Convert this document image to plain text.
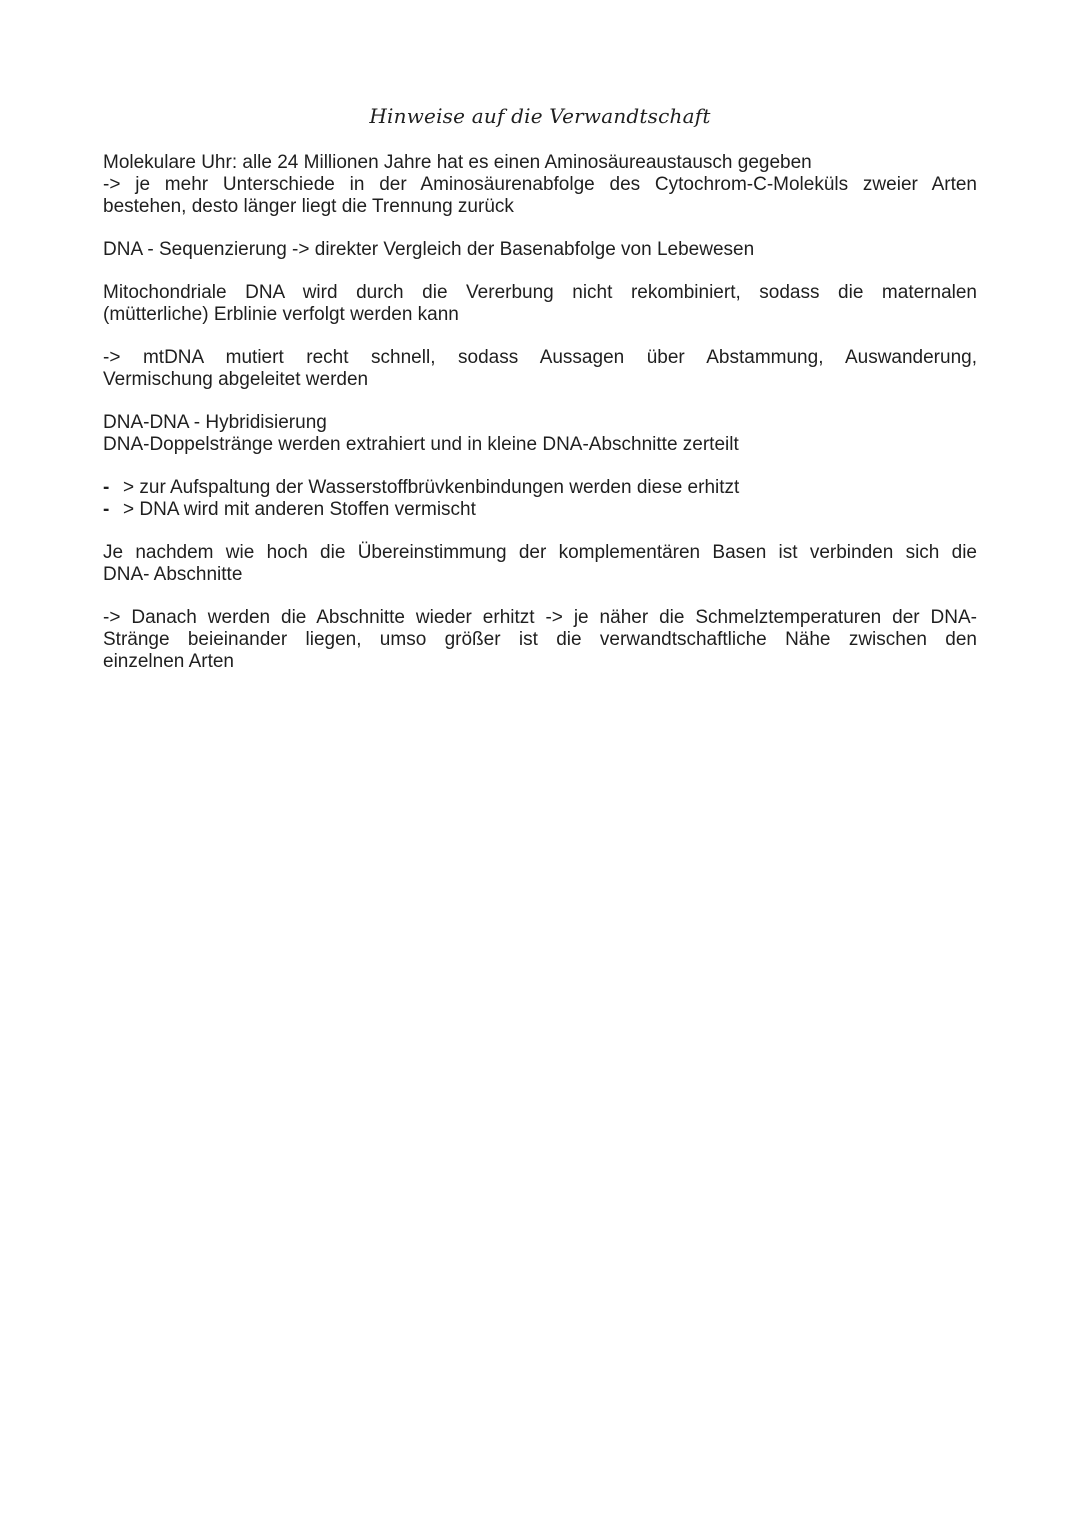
Hinweise auf die Verwandtschaft
Molekulare Uhr: alle 24 Millionen Jahre hat es einen Aminosäureaustausch gegeben
-> je mehr Unterschiede in der Aminosäurenabfolge des Cytochrom-C-Moleküls zweier Arten
bestehen, desto länger liegt die Trennung zurück
DNA - Sequenzierung -> direkter Vergleich der Basenabfolge von Lebewesen
Mitochondriale DNA wird durch die Vererbung nicht rekombiniert, sodass die maternalen
(mütterliche) Erblinie verfolgt werden kann
-> mtDNA mutiert recht schnell, sodass Aussagen über Abstammung, Auswanderung,
Vermischung abgeleitet werden
DNA-DNA - Hybridisierung
DNA-Doppelstränge werden extrahiert und in kleine DNA-Abschnitte zerteilt
- > zur Aufspaltung der Wasserstoffbrüvkenbindungen werden diese erhitzt
- > DNA wird mit anderen Stoffen vermischt
Je nachdem wie hoch die Übereinstimmung der komplementären Basen ist verbinden sich die
DNA- Abschnitte
-> Danach werden die Abschnitte wieder erhitzt -> je näher die Schmelztemperaturen der DNA-
Stränge beieinander liegen, umso größer ist die verwandtschaftliche Nähe zwischen den
einzelnen Arten
